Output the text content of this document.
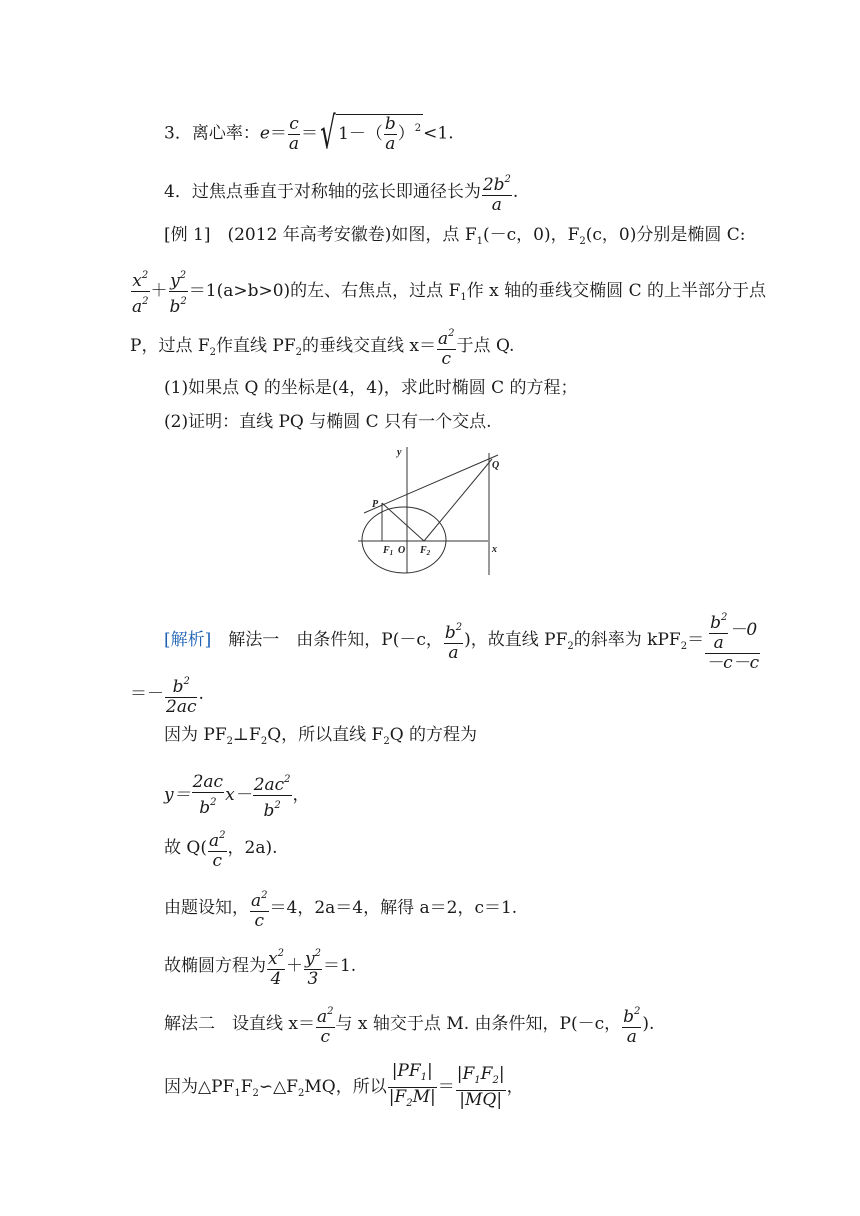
3．离心率：$e= \frac{c}{a}$ ＝√ $1-( \frac{b}{a} )^2 <1$.
4．过焦点垂直于对称轴的弦长即通径长为 $\frac{2b^2}{a}$ .
[例 1]　 (2012 年高考安徽卷)如图，点 $F_1(-c$，0)，$F_2(c$，0)分别是椭圆 C:
$\frac{x^2}{a^2} + \frac{y^2}{b^2} =1(a>b>0)$的左、右焦点，过点 $F_1$作 x 轴的垂线交椭圆 C 的上半部分于点
P，过点 $F_2$作直线 $PF_2$的垂线交直线 $x= \frac{a^2}{c}$ 于点 Q.
(1)如果点 Q 的坐标是(4，4)，求此时椭圆 C 的方程；
(2)证明：直线 PQ 与椭圆 C 只有一个交点.
y
x
Q
P
$F_1$ O $F_2$
[解析]　 解法一　由条件知，P(－c， $\frac{b^2}{a}$ )，故直线 $PF_2$的斜率为 $kPF_2= \frac{\frac{b^2}{a} -0}{-c-c}$
＝－ $\frac{b^2}{2ac}$ .
因为 $PF_2\perp F_2Q$，所以直线 $F_2Q$ 的方程为
$y= \frac{2ac}{b^2} x- \frac{2ac^2}{b^2}$ ，
故 $Q( \frac{a^2}{c}$ ，2a).
由题设知， $\frac{a^2}{c} =4$，2a＝4，解得 a＝2，c＝1.
故椭圆方程为 $\frac{x^2}{4} + \frac{y^2}{3} =1$.
解法二　设直线 $x= \frac{a^2}{c}$ 与 x 轴交于点 M. 由条件知，P(－c， $\frac{b^2}{a}$ ).
因为$\triangle PF_1F_2∽\triangle F_2MQ$，所以 $\frac{|PF_1|}{|F_2M|} = \frac{|F_1F_2|}{|MQ|}$ ，
